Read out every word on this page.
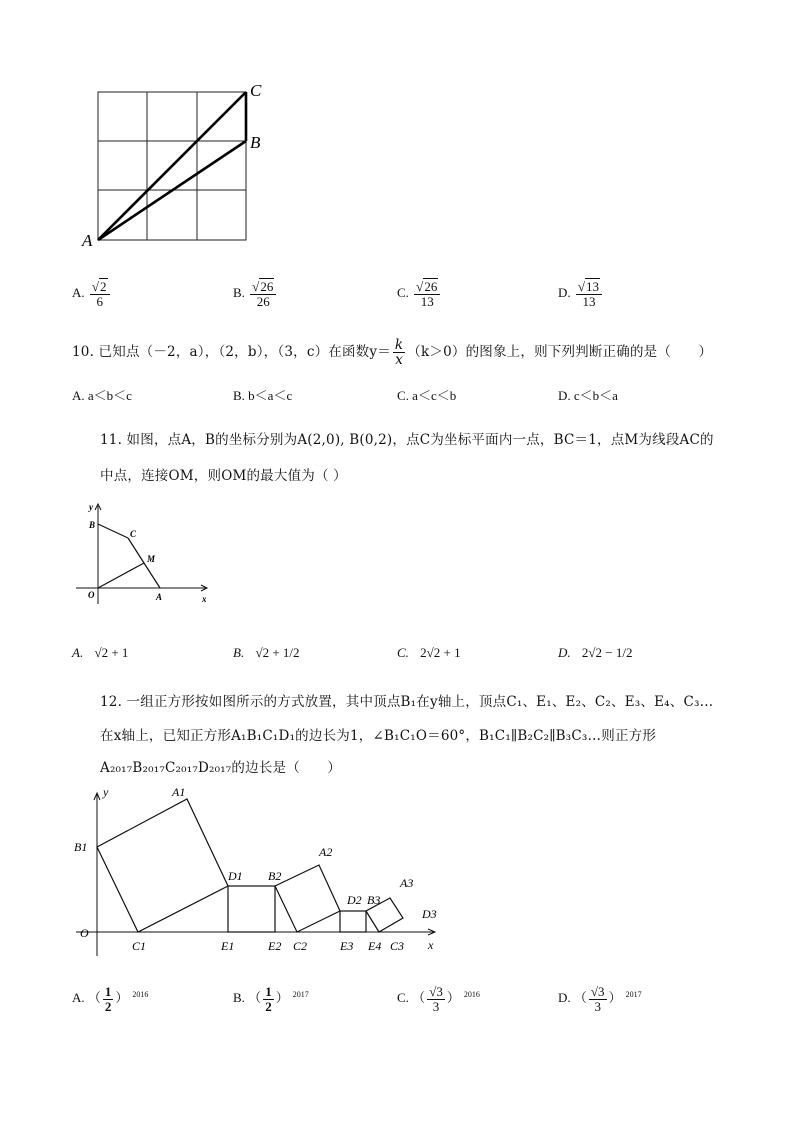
A
B
C
A. $\frac{√2}{6}$	B. $\frac{√26}{26}$	C. $\frac{√26}{13}$	D. $\frac{√13}{13}$
10. 已知点（－2，a），（2，b），（3，c）在函数$y= \frac{k}{x} (k>0)$的图象上，则下列判断正确的是（　　）
A. a＜b＜c	B. b＜a＜c	C. a＜c＜b	D. c＜b＜a
11. 如图，点A，B的坐标分别为A(2,0), B(0,2)，点C为坐标平面内一点，BC＝1，点M为线段AC的
中点，连接OM，则OM的最大值为（ ）
y
x
B
C
M
O	A
A. √2 + 1	B. √2 + 1/2	C. 2√2 + 1	D. 2√2 − 1/2
12. 一组正方形按如图所示的方式放置，其中顶点B₁在y轴上，顶点C₁、E₁、E₂、C₂、E₃、E₄、C₃…
在x轴上，已知正方形A₁B₁C₁D₁的边长为1，∠B₁C₁O＝60°，B₁C₁∥B₂C₂∥B₃C₃…则正方形
A₂₀₁₇B₂₀₁₇C₂₀₁₇D₂₀₁₇的边长是（　　）
O
y
x
B1
A1
C1
D1
E1
B2
E2
A2
C2
D2 B3
E3 E4 C3
A3
D3
A. （ $\frac{1}{2}$ ） $^{2016}$	B. （ $\frac{1}{2}$ ） $^{2017}$	C. （ $\frac{√3}{3}$ ） $^{2016}$	D. （ $\frac{√3}{3}$ ） $^{2017}$
